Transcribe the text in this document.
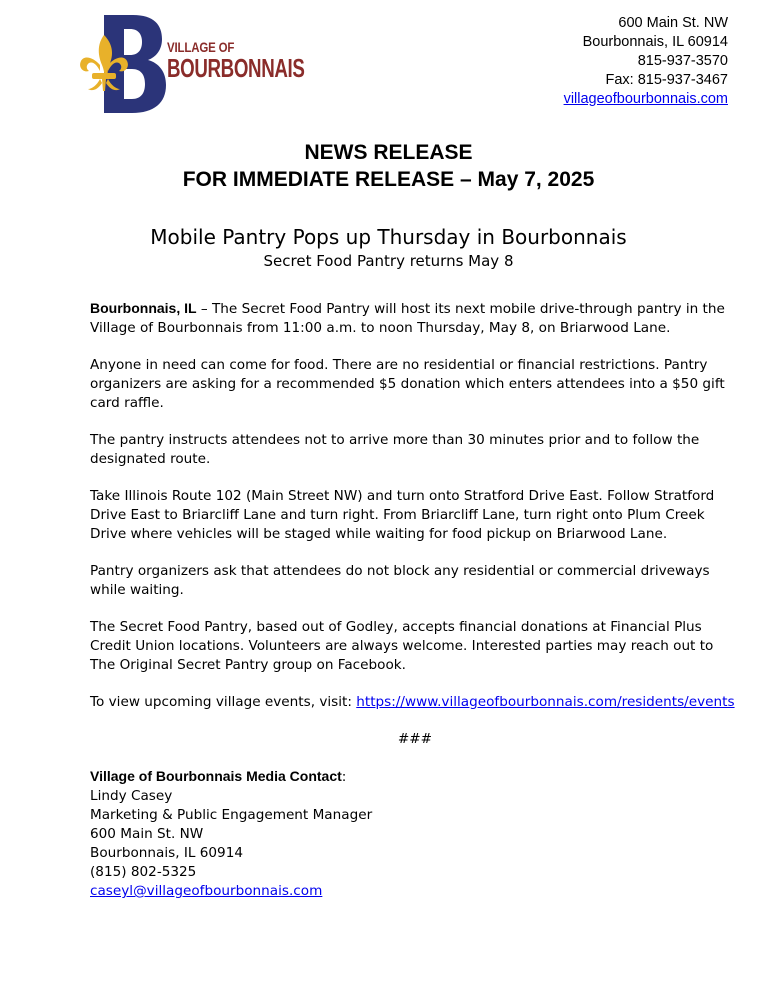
VILLAGE OF
BOURBONNAIS
600 Main St. NW
Bourbonnais, IL 60914
815-937-3570
Fax: 815-937-3467
villageofbourbonnais.com
NEWS RELEASE
FOR IMMEDIATE RELEASE – May 7, 2025
Mobile Pantry Pops up Thursday in Bourbonnais
Secret Food Pantry returns May 8

Bourbonnais, IL – The Secret Food Pantry will host its next mobile drive-through pantry in the Village of Bourbonnais from 11:00 a.m. to noon Thursday, May 8, on Briarwood Lane.

Anyone in need can come for food. There are no residential or financial restrictions. Pantry organizers are asking for a recommended $5 donation which enters attendees into a $50 gift card raffle.

The pantry instructs attendees not to arrive more than 30 minutes prior and to follow the designated route.

Take Illinois Route 102 (Main Street NW) and turn onto Stratford Drive East. Follow Stratford Drive East to Briarcliff Lane and turn right. From Briarcliff Lane, turn right onto Plum Creek Drive where vehicles will be staged while waiting for food pickup on Briarwood Lane.

Pantry organizers ask that attendees do not block any residential or commercial driveways while waiting.

The Secret Food Pantry, based out of Godley, accepts financial donations at Financial Plus Credit Union locations. Volunteers are always welcome. Interested parties may reach out to The Original Secret Pantry group on Facebook.

To view upcoming village events, visit: https://www.villageofbourbonnais.com/residents/events

###

Village of Bourbonnais Media Contact:
Lindy Casey
Marketing & Public Engagement Manager
600 Main St. NW
Bourbonnais, IL 60914
(815) 802-5325
caseyl@villageofbourbonnais.com
